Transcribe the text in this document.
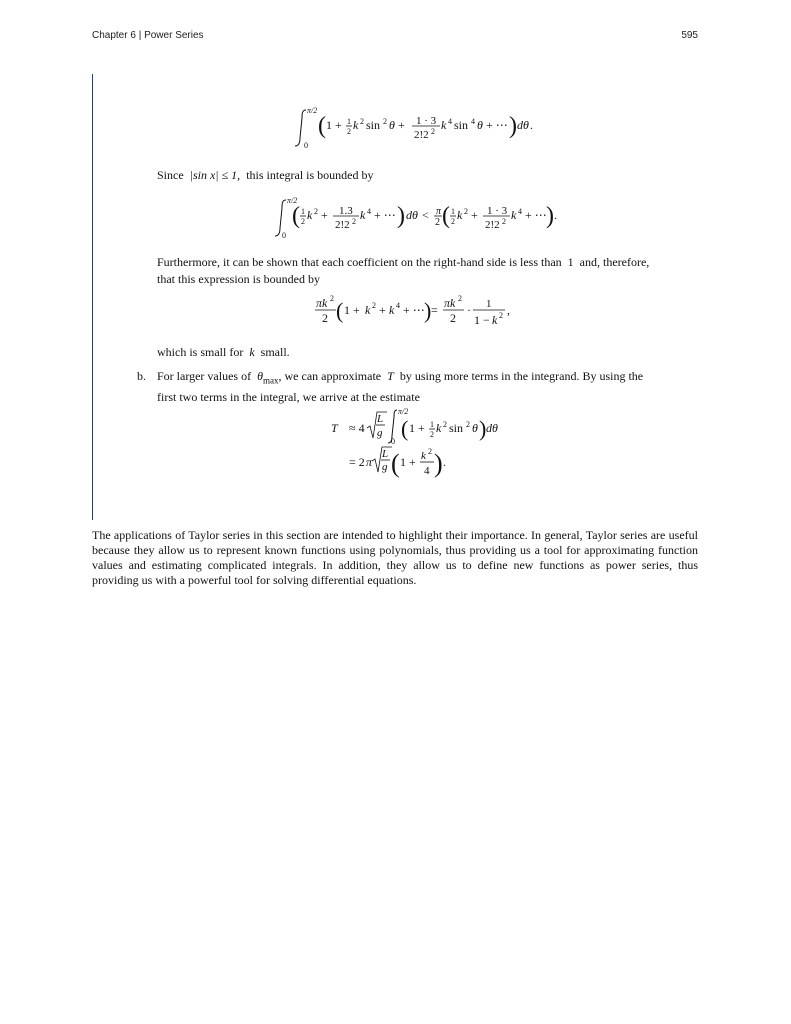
Chapter 6 | Power Series	595
π/2
0
( 1 + 1
2 k 2 sin 2 θ + 1 · 3
2!2 2 k 4 sin 4 θ + ⋯ ) dθ .
Since |sin x| ≤ 1, this integral is bounded by
π/2
0
( 1
2 k 2 + 1.3
2!2 2 k 4 + ⋯ ) dθ < π
2 ( 1
2 k 2 + 1 · 3
2!2 2 k 4 + ⋯ ) .
Furthermore, it can be shown that each coefficient on the right-hand side is less than 1 and, therefore,
that this expression is bounded by
πk 2
2 ( 1 + k 2 + k 4 + ⋯ ) = πk 2
2
· 1
1 − k 2 ,
which is small for k small.
b. For larger values of $\theta_{max}$, we can approximate T by using more terms in the integrand. By using the
first two terms in the integral, we arrive at the estimate
T ≈ 4
L
g
π/2
0
( 1 + 1
2 k 2 sin 2 θ ) dθ
= 2 π
L
g ( 1 + k 2
4 ) .
The applications of Taylor series in this section are intended to highlight their importance. In general, Taylor series are useful because they allow us to represent known functions using polynomials, thus providing us a tool for approximating function values and estimating complicated integrals. In addition, they allow us to define new functions as power series, thus providing us with a powerful tool for solving differential equations.
